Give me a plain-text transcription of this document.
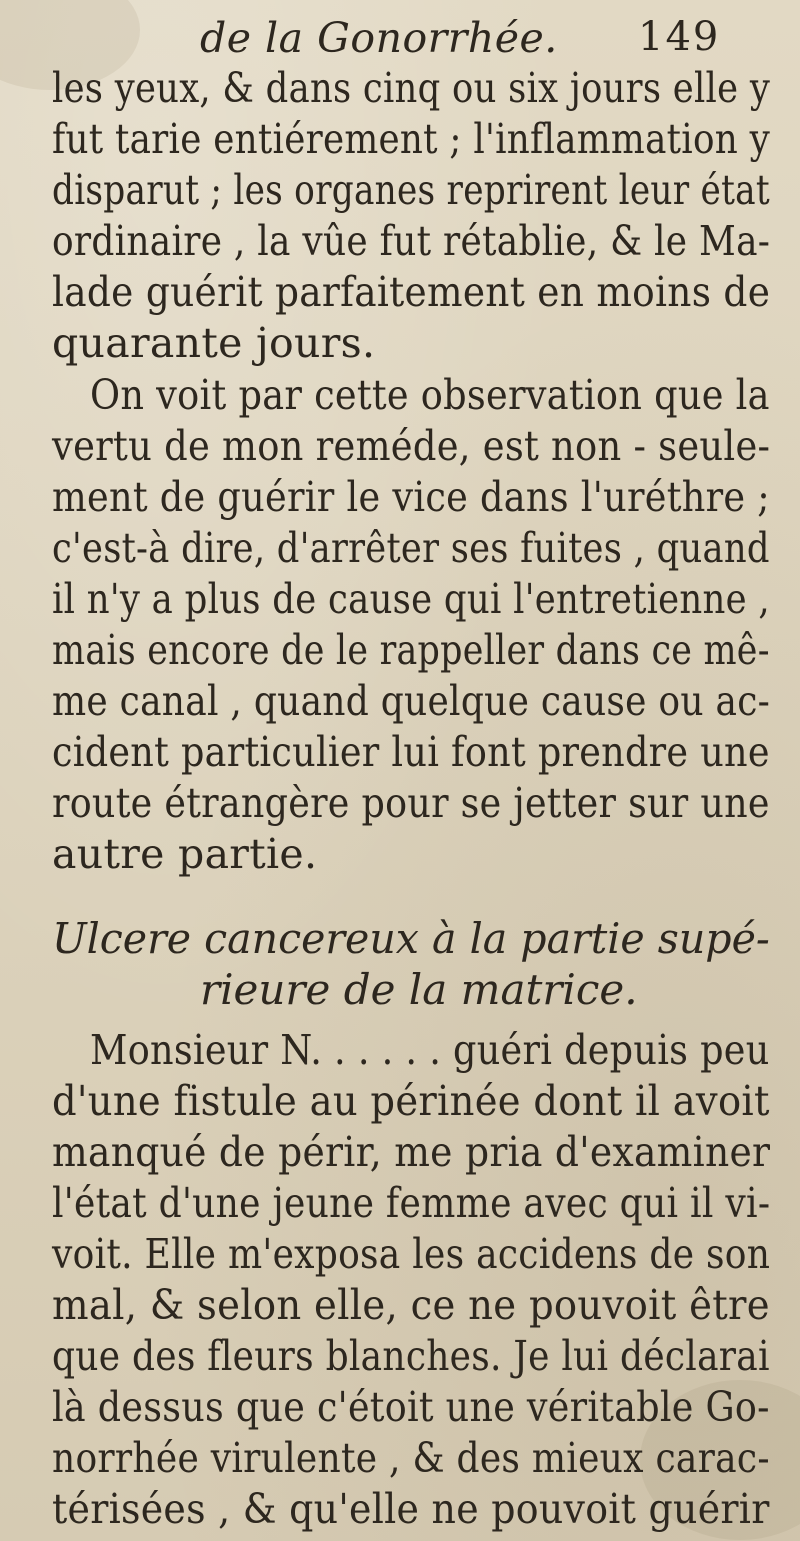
de la Gonorrhée. 149
les yeux, & dans cinq ou six jours elle y
fut tarie entiérement ; l'inflammation y
disparut ; les organes reprirent leur état
ordinaire , la vûe fut rétablie, & le Ma-
lade guérit parfaitement en moins de
quarante jours.
On voit par cette observation que la
vertu de mon reméde, est non - seule-
ment de guérir le vice dans l'uréthre ;
c'est-à dire, d'arrêter ses fuites , quand
il n'y a plus de cause qui l'entretienne ,
mais encore de le rappeller dans ce mê-
me canal , quand quelque cause ou ac-
cident particulier lui font prendre une
route étrangère pour se jetter sur une
autre partie.
Ulcere cancereux à la partie supé-
rieure de la matrice.
Monsieur N. . . . . . guéri depuis peu
d'une fistule au périnée dont il avoit
manqué de périr, me pria d'examiner
l'état d'une jeune femme avec qui il vi-
voit. Elle m'exposa les accidens de son
mal, & selon elle, ce ne pouvoit être
que des fleurs blanches. Je lui déclarai
là dessus que c'étoit une véritable Go-
norrhée virulente , & des mieux carac-
térisées , & qu'elle ne pouvoit guérir
